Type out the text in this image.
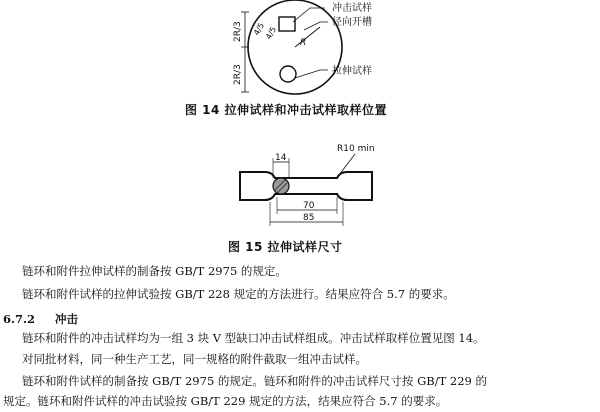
R
4/5
4/5
2R/3
2R/3
冲击试样
径向开槽
拉伸试样
图 14 拉伸试样和冲击试样取样位置
14
R10 min
70
85
图 15 拉伸试样尺寸
链环和附件拉伸试样的制备按 GB/T 2975 的规定。
链环和附件试样的拉伸试验按 GB/T 228 规定的方法进行。结果应符合 5.7 的要求。
6.7.2 冲击
链环和附件的冲击试样均为一组 3 块 V 型缺口冲击试样组成。冲击试样取样位置见图 14。
对同批材料，同一种生产工艺，同一规格的附件截取一组冲击试样。
链环和附件试样的制备按 GB/T 2975 的规定。链环和附件的冲击试样尺寸按 GB/T 229 的
规定。链环和附件试样的冲击试验按 GB/T 229 规定的方法，结果应符合 5.7 的要求。
